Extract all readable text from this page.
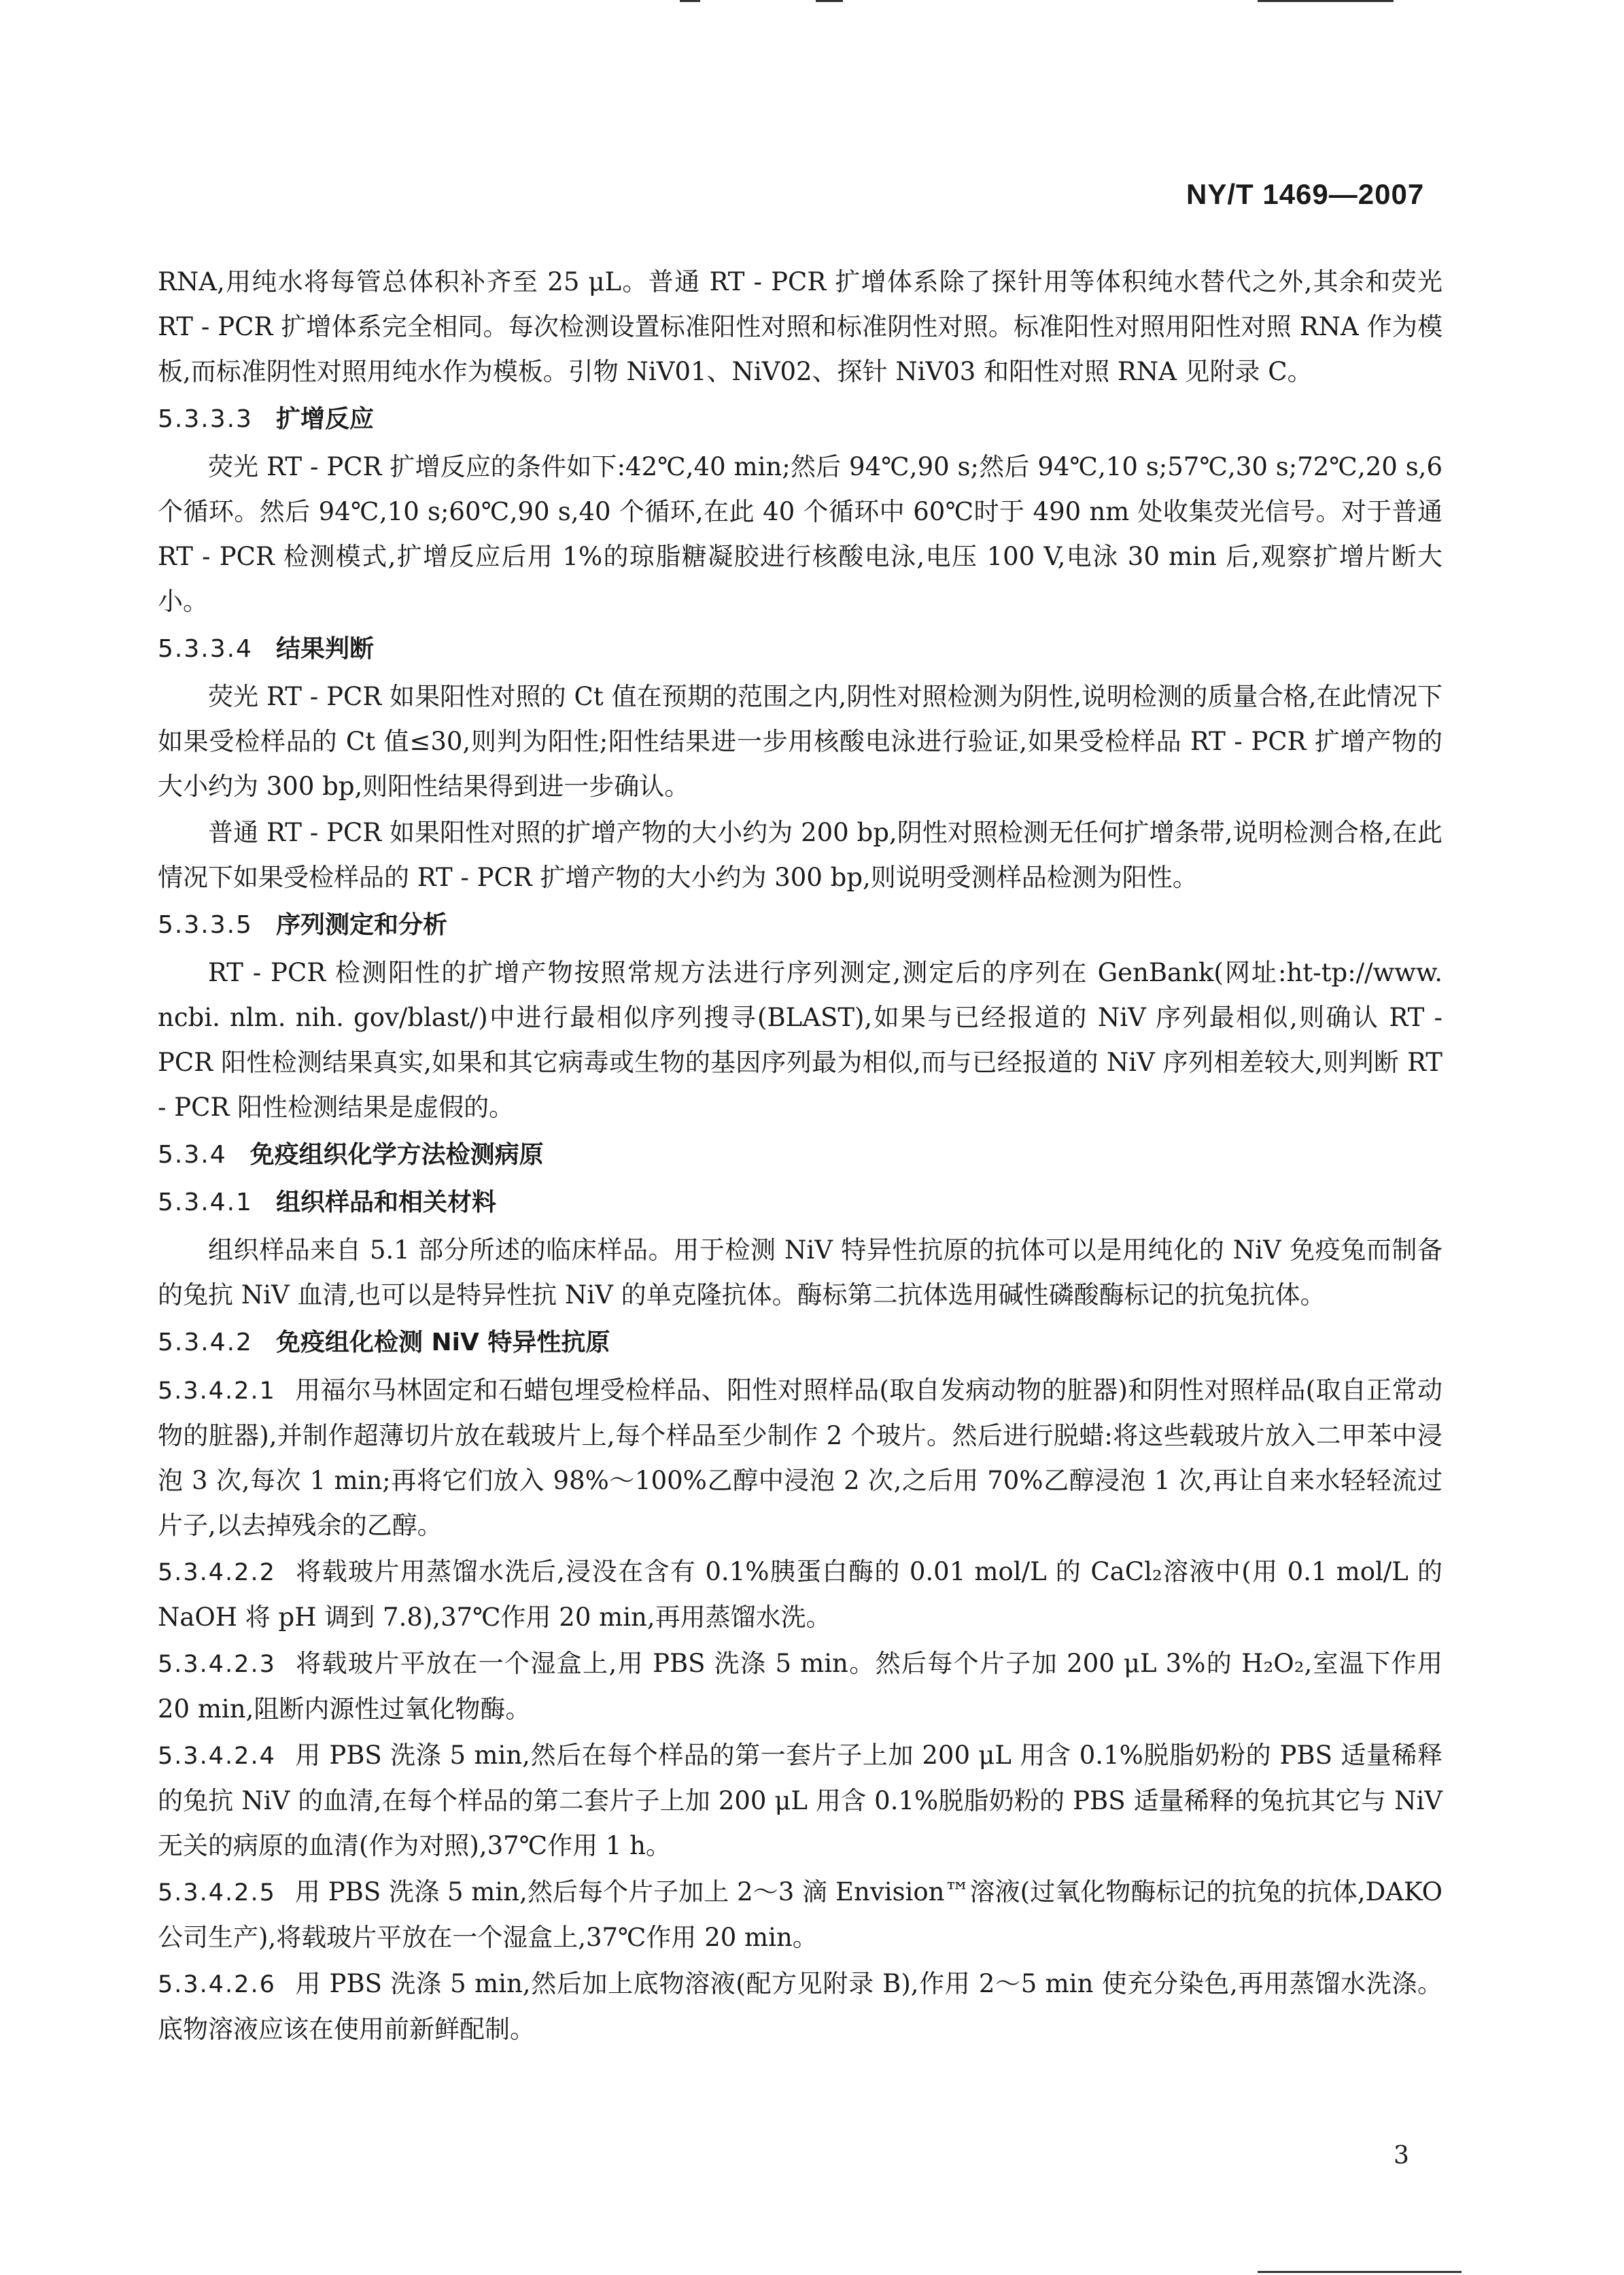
NY/T 1469—2007
RNA,用纯水将每管总体积补齐至 25 μL。普通 RT - PCR 扩增体系除了探针用等体积纯水替代之外,其余和荧光 RT - PCR 扩增体系完全相同。每次检测设置标准阳性对照和标准阴性对照。标准阳性对照用阳性对照 RNA 作为模板,而标准阴性对照用纯水作为模板。引物 NiV01、NiV02、探针 NiV03 和阳性对照 RNA 见附录 C。
5.3.3.3 扩增反应
荧光 RT - PCR 扩增反应的条件如下:42℃,40 min;然后 94℃,90 s;然后 94℃,10 s;57℃,30 s;72℃,20 s,6 个循环。然后 94℃,10 s;60℃,90 s,40 个循环,在此 40 个循环中 60℃时于 490 nm 处收集荧光信号。对于普通 RT - PCR 检测模式,扩增反应后用 1%的琼脂糖凝胶进行核酸电泳,电压 100 V,电泳 30 min 后,观察扩增片断大小。
5.3.3.4 结果判断
荧光 RT - PCR 如果阳性对照的 Ct 值在预期的范围之内,阴性对照检测为阴性,说明检测的质量合格,在此情况下如果受检样品的 Ct 值≤30,则判为阳性;阳性结果进一步用核酸电泳进行验证,如果受检样品 RT - PCR 扩增产物的大小约为 300 bp,则阳性结果得到进一步确认。
普通 RT - PCR 如果阳性对照的扩增产物的大小约为 200 bp,阴性对照检测无任何扩增条带,说明检测合格,在此情况下如果受检样品的 RT - PCR 扩增产物的大小约为 300 bp,则说明受测样品检测为阳性。
5.3.3.5 序列测定和分析
RT - PCR 检测阳性的扩增产物按照常规方法进行序列测定,测定后的序列在 GenBank(网址:ht-tp://www. ncbi. nlm. nih. gov/blast/)中进行最相似序列搜寻(BLAST),如果与已经报道的 NiV 序列最相似,则确认 RT - PCR 阳性检测结果真实,如果和其它病毒或生物的基因序列最为相似,而与已经报道的 NiV 序列相差较大,则判断 RT - PCR 阳性检测结果是虚假的。
5.3.4 免疫组织化学方法检测病原
5.3.4.1 组织样品和相关材料
组织样品来自 5.1 部分所述的临床样品。用于检测 NiV 特异性抗原的抗体可以是用纯化的 NiV 免疫兔而制备的兔抗 NiV 血清,也可以是特异性抗 NiV 的单克隆抗体。酶标第二抗体选用碱性磷酸酶标记的抗兔抗体。
5.3.4.2 免疫组化检测 NiV 特异性抗原
5.3.4.2.1 用福尔马林固定和石蜡包埋受检样品、阳性对照样品(取自发病动物的脏器)和阴性对照样品(取自正常动物的脏器),并制作超薄切片放在载玻片上,每个样品至少制作 2 个玻片。然后进行脱蜡:将这些载玻片放入二甲苯中浸泡 3 次,每次 1 min;再将它们放入 98%～100%乙醇中浸泡 2 次,之后用 70%乙醇浸泡 1 次,再让自来水轻轻流过片子,以去掉残余的乙醇。
5.3.4.2.2 将载玻片用蒸馏水洗后,浸没在含有 0.1%胰蛋白酶的 0.01 mol/L 的 CaCl₂溶液中(用 0.1 mol/L 的 NaOH 将 pH 调到 7.8),37℃作用 20 min,再用蒸馏水洗。
5.3.4.2.3 将载玻片平放在一个湿盒上,用 PBS 洗涤 5 min。然后每个片子加 200 μL 3%的 H₂O₂,室温下作用 20 min,阻断内源性过氧化物酶。
5.3.4.2.4 用 PBS 洗涤 5 min,然后在每个样品的第一套片子上加 200 μL 用含 0.1%脱脂奶粉的 PBS 适量稀释的兔抗 NiV 的血清,在每个样品的第二套片子上加 200 μL 用含 0.1%脱脂奶粉的 PBS 适量稀释的兔抗其它与 NiV 无关的病原的血清(作为对照),37℃作用 1 h。
5.3.4.2.5 用 PBS 洗涤 5 min,然后每个片子加上 2～3 滴 Envision™溶液(过氧化物酶标记的抗兔的抗体,DAKO 公司生产),将载玻片平放在一个湿盒上,37℃作用 20 min。
5.3.4.2.6 用 PBS 洗涤 5 min,然后加上底物溶液(配方见附录 B),作用 2～5 min 使充分染色,再用蒸馏水洗涤。底物溶液应该在使用前新鲜配制。
3
